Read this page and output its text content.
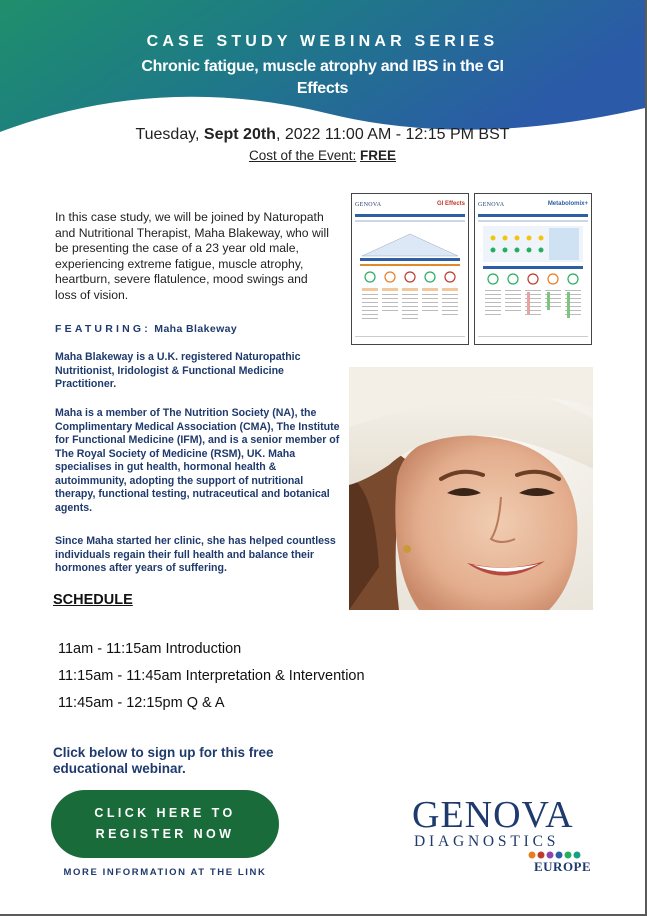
CASE STUDY WEBINAR SERIES
Chronic fatigue, muscle atrophy and IBS in the GI Effects
Tuesday, Sept 20th, 2022 11:00 AM - 12:15 PM BST
Cost of the Event: FREE
In this case study, we will be joined by Naturopath and Nutritional Therapist, Maha Blakeway, who will be presenting the case of a 23 year old male, experiencing extreme fatigue, muscle atrophy, heartburn, severe flatulence, mood swings and loss of vision.
FEATURING: Maha Blakeway
Maha Blakeway is a U.K. registered Naturopathic Nutritionist, Iridologist & Functional Medicine Practitioner.
Maha is a member of The Nutrition Society (NA), the Complimentary Medical Association (CMA), The Institute for Functional Medicine (IFM), and is a senior member of The Royal Society of Medicine (RSM), UK. Maha specialises in gut health, hormonal health & autoimmunity, adopting the support of nutritional therapy, functional testing, nutraceutical and botanical agents.
Since Maha started her clinic, she has helped countless individuals regain their full health and balance their hormones after years of suffering.
SCHEDULE
11am - 11:15am Introduction
11:15am - 11:45am Interpretation & Intervention
11:45am - 12:15pm Q & A
Click below to sign up for this free educational webinar.
CLICK HERE TO REGISTER NOW
MORE INFORMATION AT THE LINK
GENOVA	GI Effects GENOVA	Metabolomix+
GENOVA
DIAGNOSTICS
EUROPE
